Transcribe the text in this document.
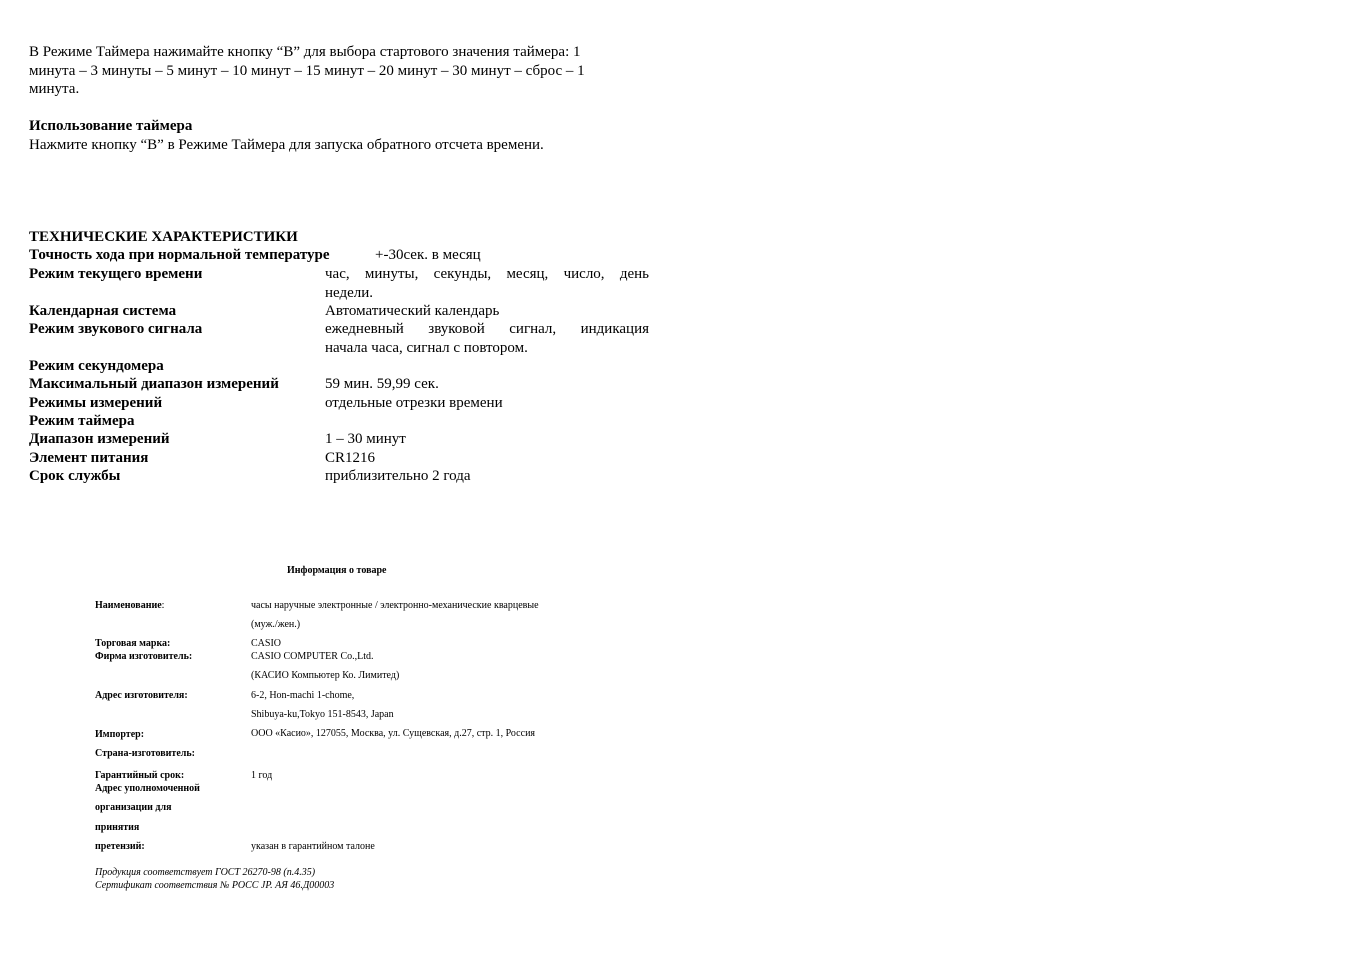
В Режиме Таймера нажимайте кнопку “В” для выбора стартового значения таймера: 1

минута – 3 минуты – 5 минут – 10 минут – 15 минут – 20 минут – 30 минут – сброс – 1

минута.

Использование таймера

Нажмите кнопку “В” в Режиме Таймера для запуска обратного отсчета времени.

ТЕХНИЧЕСКИЕ ХАРАКТЕРИСТИКИ

Точность хода при нормальной температуре	+-30сек. в месяц

Режим текущего времени	час, минуты, секунды, месяц, число, день

недели.

Календарная система	Автоматический календарь

Режим звукового сигнала	ежедневный звуковой сигнал, индикация

начала часа, сигнал с повтором.

Режим секундомера

Максимальный диапазон измерений	59 мин. 59,99 сек.

Режимы измерений	отдельные отрезки времени

Режим таймера

Диапазон измерений	1 – 30 минут

Элемент питания	CR1216

Срок службы	приблизительно 2 года

Информация о товаре

Наименование:	часы наручные электронные / электронно-механические кварцевые

(муж./жен.)

Торговая марка:	CASIO

Фирма изготовитель:	CASIO COMPUTER Co.,Ltd.

(КАСИО Компьютер Ко. Лимитед)

Адрес изготовителя:	6-2, Hon-machi 1-chome,

Shibuya-ku,Tokyo 151-8543, Japan

Импортер:	ООО «Касио», 127055, Москва, ул. Сущевская, д.27, стр. 1, Россия

Страна-изготовитель:

Гарантийный срок:	1 год

Адрес уполномоченной

организации для

принятия

претензий:	указан в гарантийном талоне

Продукция соответствует ГОСТ 26270-98 (п.4.35)

Сертификат соответствия № РОСС JP. АЯ 46.Д00003
